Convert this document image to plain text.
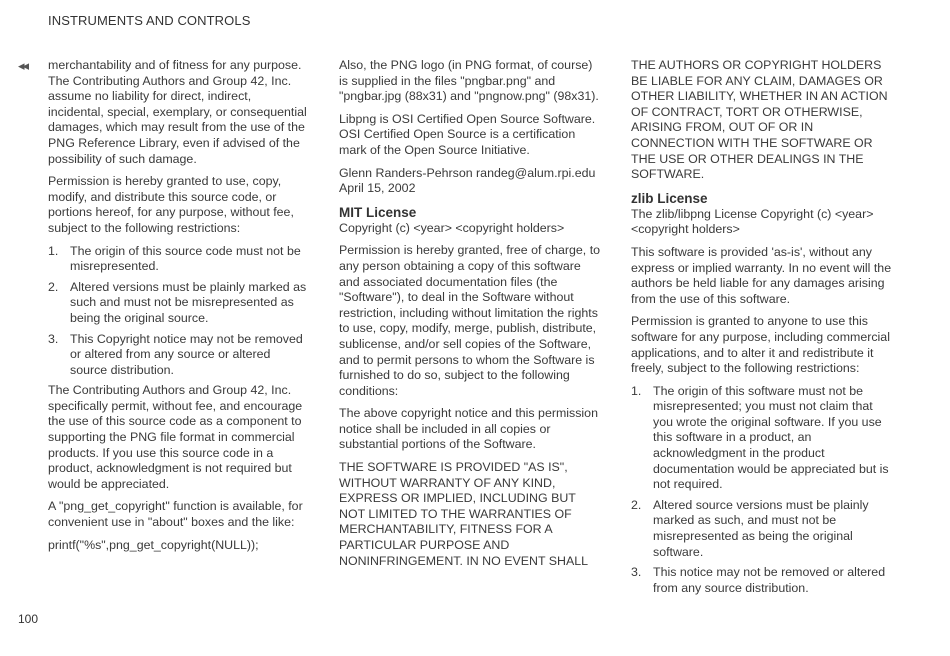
INSTRUMENTS AND CONTROLS
◂◂ merchantability and of fitness for any purpose. The Contributing Authors and Group 42, Inc. assume no liability for direct, indirect, incidental, special, exemplary, or consequential damages, which may result from the use of the PNG Reference Library, even if advised of the possibility of such damage.

Permission is hereby granted to use, copy, modify, and distribute this source code, or portions hereof, for any purpose, without fee, subject to the following restrictions:

1. The origin of this source code must not be misrepresented.
2. Altered versions must be plainly marked as such and must not be misrepresented as being the original source.
3. This Copyright notice may not be removed or altered from any source or altered source distribution.

The Contributing Authors and Group 42, Inc. specifically permit, without fee, and encourage the use of this source code as a component to supporting the PNG file format in commercial products. If you use this source code in a product, acknowledgment is not required but would be appreciated.

A "png_get_copyright" function is available, for convenient use in "about" boxes and the like:

printf("%s",png_get_copyright(NULL));

Also, the PNG logo (in PNG format, of course) is supplied in the files "pngbar.png" and "pngbar.jpg (88x31) and "pngnow.png" (98x31).

Libpng is OSI Certified Open Source Software. OSI Certified Open Source is a certification mark of the Open Source Initiative.

Glenn Randers-Pehrson randeg@alum.rpi.edu
April 15, 2002

MIT License

Copyright (c) <year> <copyright holders>

Permission is hereby granted, free of charge, to any person obtaining a copy of this software and associated documentation files (the "Software"), to deal in the Software without restriction, including without limitation the rights to use, copy, modify, merge, publish, distribute, sublicense, and/or sell copies of the Software, and to permit persons to whom the Software is furnished to do so, subject to the following conditions:

The above copyright notice and this permission notice shall be included in all copies or substantial portions of the Software.

THE SOFTWARE IS PROVIDED "AS IS", WITHOUT WARRANTY OF ANY KIND, EXPRESS OR IMPLIED, INCLUDING BUT NOT LIMITED TO THE WARRANTIES OF MERCHANTABILITY, FITNESS FOR A PARTICULAR PURPOSE AND NONINFRINGEMENT. IN NO EVENT SHALL

THE AUTHORS OR COPYRIGHT HOLDERS BE LIABLE FOR ANY CLAIM, DAMAGES OR OTHER LIABILITY, WHETHER IN AN ACTION OF CONTRACT, TORT OR OTHERWISE, ARISING FROM, OUT OF OR IN CONNECTION WITH THE SOFTWARE OR THE USE OR OTHER DEALINGS IN THE SOFTWARE.

zlib License

The zlib/libpng License Copyright (c) <year> <copyright holders>

This software is provided 'as-is', without any express or implied warranty. In no event will the authors be held liable for any damages arising from the use of this software.

Permission is granted to anyone to use this software for any purpose, including commercial applications, and to alter it and redistribute it freely, subject to the following restrictions:

1. The origin of this software must not be misrepresented; you must not claim that you wrote the original software. If you use this software in a product, an acknowledgment in the product documentation would be appreciated but is not required.
2. Altered source versions must be plainly marked as such, and must not be misrepresented as being the original software.
3. This notice may not be removed or altered from any source distribution.
100
